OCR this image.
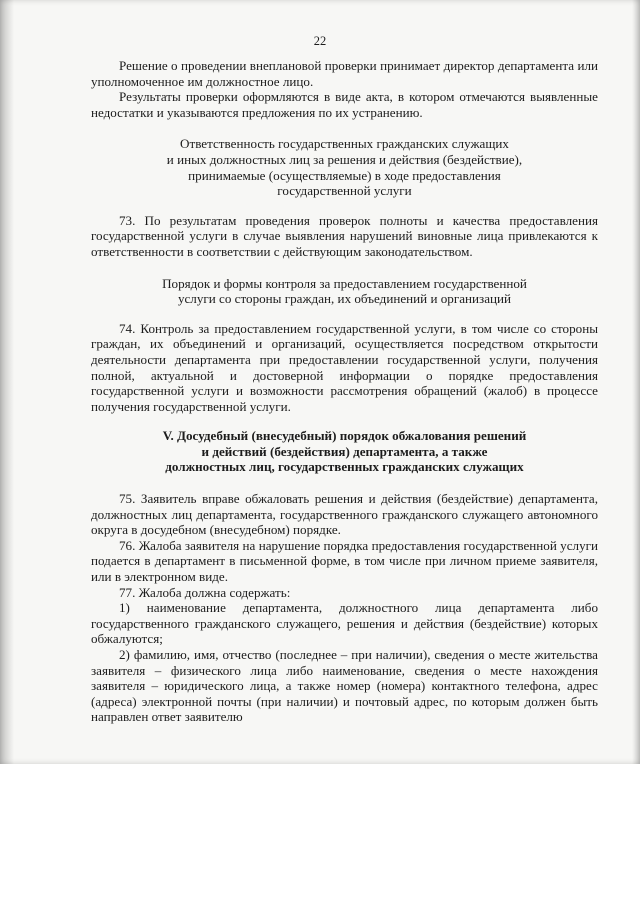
22

Решение о проведении внеплановой проверки принимает директор департамента или уполномоченное им должностное лицо.

Результаты проверки оформляются в виде акта, в котором отмечаются выявленные недостатки и указываются предложения по их устранению.

Ответственность государственных гражданских служащих
и иных должностных лиц за решения и действия (бездействие),
принимаемые (осуществляемые) в ходе предоставления
государственной услуги

73. По результатам проведения проверок полноты и качества предоставления государственной услуги в случае выявления нарушений виновные лица привлекаются к ответственности в соответствии с действующим законодательством.

Порядок и формы контроля за предоставлением государственной
услуги со стороны граждан, их объединений и организаций

74. Контроль за предоставлением государственной услуги, в том числе со стороны граждан, их объединений и организаций, осуществляется посредством открытости деятельности департамента при предоставлении государственной услуги, получения полной, актуальной и достоверной информации о порядке предоставления государственной услуги и возможности рассмотрения обращений (жалоб) в процессе получения государственной услуги.

V. Досудебный (внесудебный) порядок обжалования решений
и действий (бездействия) департамента, а также
должностных лиц, государственных гражданских служащих

75. Заявитель вправе обжаловать решения и действия (бездействие) департамента, должностных лиц департамента, государственного гражданского служащего автономного округа в досудебном (внесудебном) порядке.

76. Жалоба заявителя на нарушение порядка предоставления государственной услуги подается в департамент в письменной форме, в том числе при личном приеме заявителя, или в электронном виде.

77. Жалоба должна содержать:

1) наименование департамента, должностного лица департамента либо государственного гражданского служащего, решения и действия (бездействие) которых обжалуются;

2) фамилию, имя, отчество (последнее – при наличии), сведения о месте жительства заявителя – физического лица либо наименование, сведения о месте нахождения заявителя – юридического лица, а также номер (номера) контактного телефона, адрес (адреса) электронной почты (при наличии) и почтовый адрес, по которым должен быть направлен ответ заявителю
